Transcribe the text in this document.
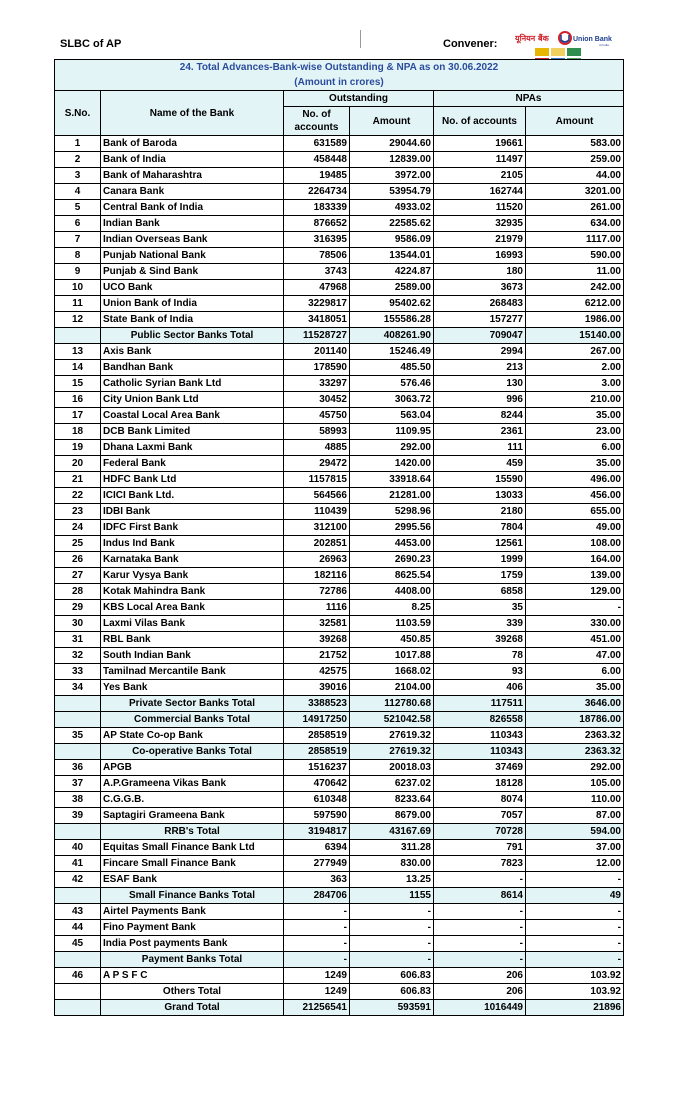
SLBC of AP	Convener: यूनियन बैंक	Union Bank
of India
24. Total Advances-Bank-wise Outstanding & NPA as on 30.06.2022
(Amount in crores)					

S.No.	Name of the Bank	Outstanding		NPAs	
		No. of accounts	Amount	No. of accounts	Amount
1	Bank of Baroda	631589	29044.60	19661	583.00
2	Bank of India	458448	12839.00	11497	259.00
3	Bank of Maharashtra	19485	3972.00	2105	44.00
4	Canara Bank	2264734	53954.79	162744	3201.00
5	Central Bank of India	183339	4933.02	11520	261.00
6	Indian Bank	876652	22585.62	32935	634.00
7	Indian Overseas Bank	316395	9586.09	21979	1117.00
8	Punjab National Bank	78506	13544.01	16993	590.00
9	Punjab & Sind Bank	3743	4224.87	180	11.00
10	UCO Bank	47968	2589.00	3673	242.00
11	Union Bank of India	3229817	95402.62	268483	6212.00
12	State Bank of India	3418051	155586.28	157277	1986.00
	Public Sector Banks Total	11528727	408261.90	709047	15140.00
13	Axis Bank	201140	15246.49	2994	267.00
14	Bandhan Bank	178590	485.50	213	2.00
15	Catholic Syrian Bank Ltd	33297	576.46	130	3.00
16	City Union Bank Ltd	30452	3063.72	996	210.00
17	Coastal Local Area Bank	45750	563.04	8244	35.00
18	DCB Bank Limited	58993	1109.95	2361	23.00
19	Dhana Laxmi Bank	4885	292.00	111	6.00
20	Federal Bank	29472	1420.00	459	35.00
21	HDFC Bank Ltd	1157815	33918.64	15590	496.00
22	ICICI Bank Ltd.	564566	21281.00	13033	456.00
23	IDBI Bank	110439	5298.96	2180	655.00
24	IDFC First Bank	312100	2995.56	7804	49.00
25	Indus Ind Bank	202851	4453.00	12561	108.00
26	Karnataka Bank	26963	2690.23	1999	164.00
27	Karur Vysya Bank	182116	8625.54	1759	139.00
28	Kotak Mahindra Bank	72786	4408.00	6858	129.00
29	KBS Local Area Bank	1116	8.25	35	-
30	Laxmi Vilas Bank	32581	1103.59	339	330.00
31	RBL Bank	39268	450.85	39268	451.00
32	South Indian Bank	21752	1017.88	78	47.00
33	Tamilnad Mercantile Bank	42575	1668.02	93	6.00
34	Yes Bank	39016	2104.00	406	35.00
	Private Sector Banks Total	3388523	112780.68	117511	3646.00
	Commercial Banks Total	14917250	521042.58	826558	18786.00
35	AP State Co-op Bank	2858519	27619.32	110343	2363.32
	Co-operative Banks Total	2858519	27619.32	110343	2363.32
36	APGB	1516237	20018.03	37469	292.00
37	A.P.Grameena Vikas Bank	470642	6237.02	18128	105.00
38	C.G.G.B.	610348	8233.64	8074	110.00
39	Saptagiri Grameena Bank	597590	8679.00	7057	87.00
	RRB's Total	3194817	43167.69	70728	594.00
40	Equitas Small Finance Bank Ltd	6394	311.28	791	37.00
41	Fincare Small Finance Bank	277949	830.00	7823	12.00
42	ESAF Bank	363	13.25	-	-
	Small Finance Banks Total	284706	1155	8614	49
43	Airtel Payments Bank	-	-	-	-
44	Fino Payment Bank	-	-	-	-
45	India Post payments Bank	-	-	-	-
	Payment Banks Total	-	-	-	-
46	A P S F C	1249	606.83	206	103.92
	Others Total	1249	606.83	206	103.92
	Grand Total	21256541	593591	1016449	21896
